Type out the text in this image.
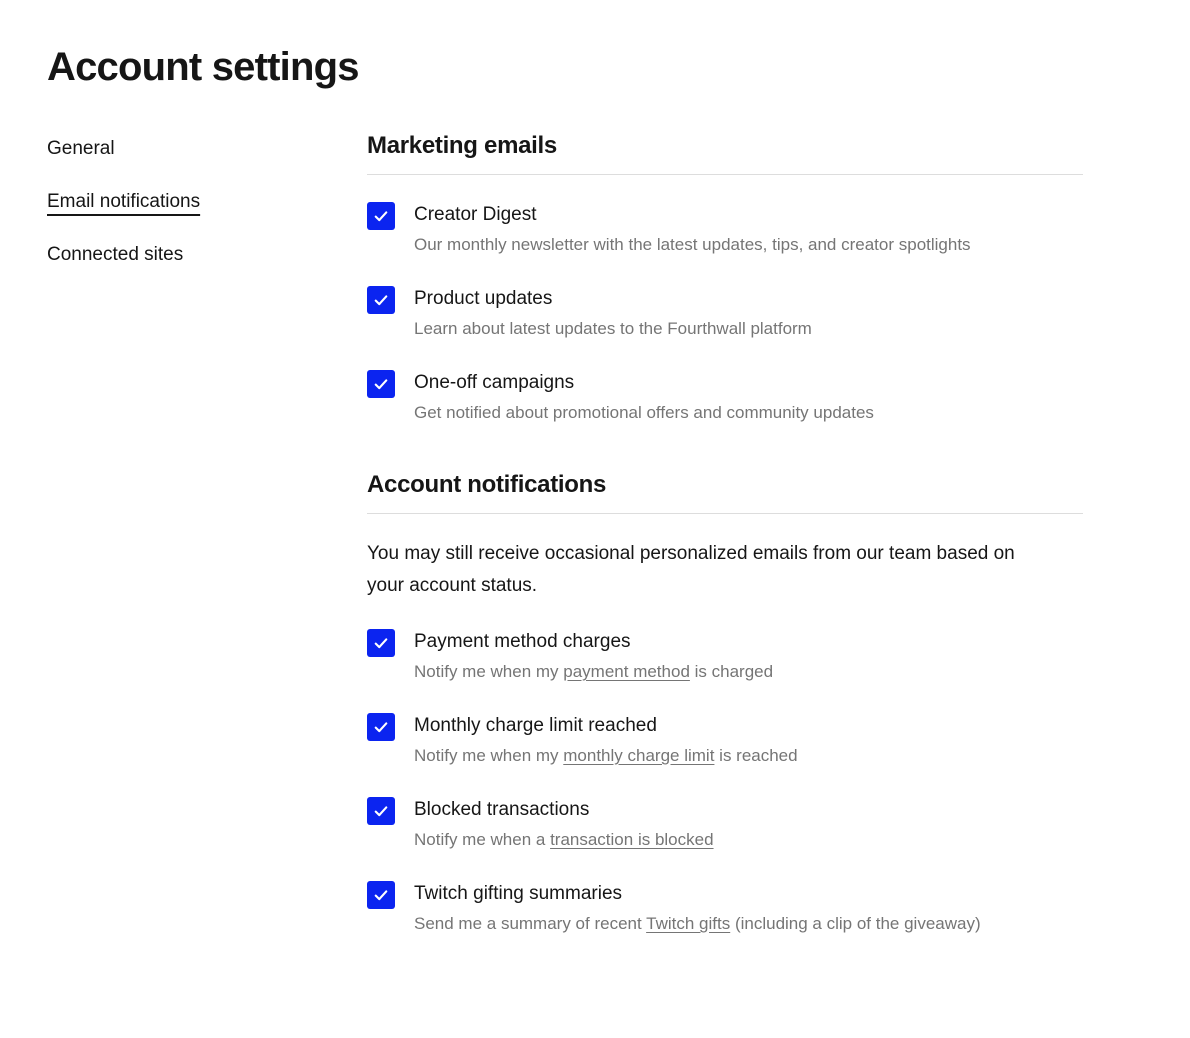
Account settings
General
Email notifications
Connected sites
Marketing emails
Creator Digest
Our monthly newsletter with the latest updates, tips, and creator spotlights
Product updates
Learn about latest updates to the Fourthwall platform
One-off campaigns
Get notified about promotional offers and community updates
Account notifications

You may still receive occasional personalized emails from our team based on your account status.

Payment method charges
Notify me when my payment method is charged
Monthly charge limit reached
Notify me when my monthly charge limit is reached
Blocked transactions
Notify me when a transaction is blocked
Twitch gifting summaries
Send me a summary of recent Twitch gifts (including a clip of the giveaway)
